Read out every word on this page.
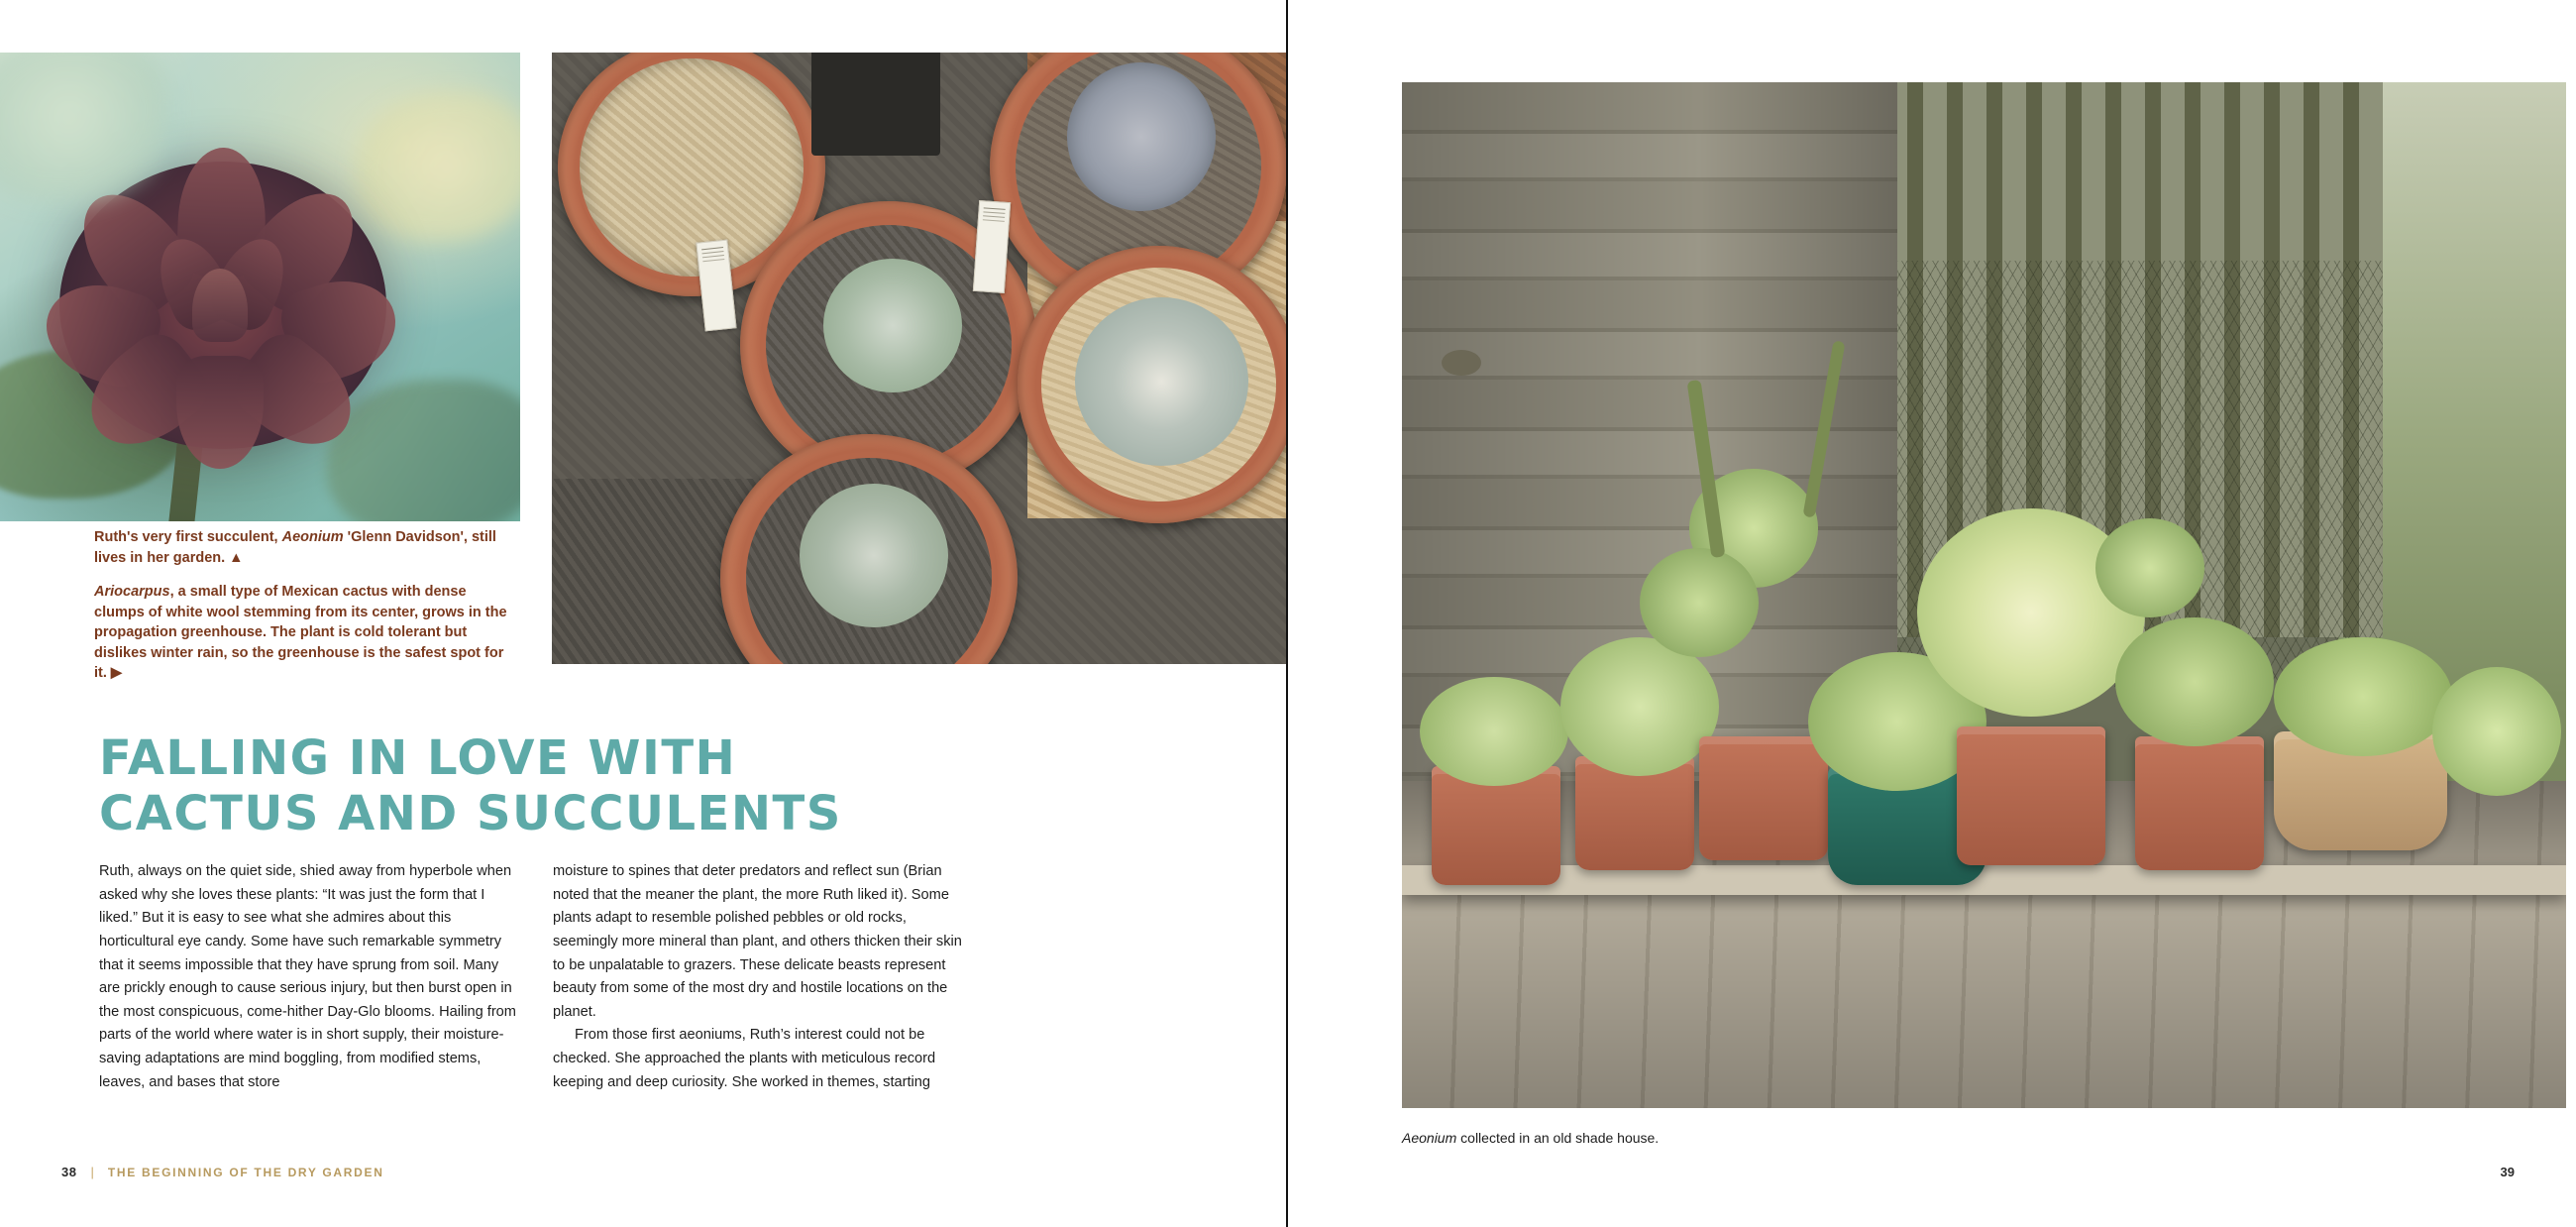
Ruth's very first succulent, Aeonium 'Glenn Davidson', still lives in her garden. ▲

Ariocarpus, a small type of Mexican cactus with dense clumps of white wool stemming from its center, grows in the propagation greenhouse. The plant is cold tolerant but dislikes winter rain, so the greenhouse is the safest spot for it. ▶

FALLING IN LOVE WITH
CACTUS AND SUCCULENTS

Ruth, always on the quiet side, shied away from hyperbole when asked why she loves these plants: “It was just the form that I liked.” But it is easy to see what she admires about this horticultural eye candy. Some have such remarkable symmetry that it seems impossible that they have sprung from soil. Many are prickly enough to cause serious injury, but then burst open in the most conspicuous, come-hither Day-Glo blooms. Hailing from parts of the world where water is in short supply, their moisture-saving adaptations are mind boggling, from modified stems, leaves, and bases that store

moisture to spines that deter predators and reflect sun (Brian noted that the meaner the plant, the more Ruth liked it). Some plants adapt to resemble polished pebbles or old rocks, seemingly more mineral than plant, and others thicken their skin to be unpalatable to grazers. These delicate beasts represent beauty from some of the most dry and hostile locations on the planet.

From those first aeoniums, Ruth’s interest could not be checked. She approached the plants with meticulous record keeping and deep curiosity. She worked in themes, starting

38 | THE BEGINNING OF THE DRY GARDEN
Aeonium collected in an old shade house.
39
